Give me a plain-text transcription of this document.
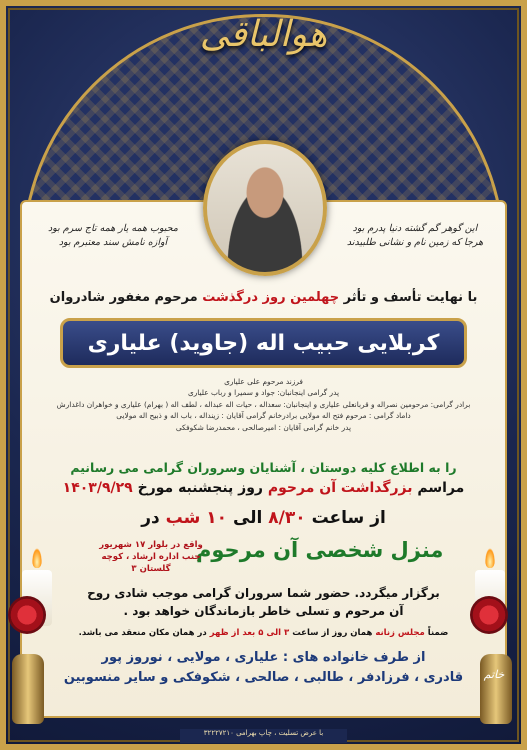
هوالباقی
این گوهر گم گشته دنیا پدرم بود
هرجا که زمین نام و نشانی طلبیدند
محبوب همه یار همه تاج سرم بود
آوازه نامش سند معتبرم بود
با نهایت تأسف و تأثر چهلمین روز درگذشت مرحوم مغفور شادروان
کربلایی حبیب اله (جاوید) علیاری
فرزند مرحوم علی علیاری
پدر گرامی اینجانبان: جواد و سمیرا و رباب علیاری
برادر گرامی: مرحومین نصراله و قربانعلی علیاری و اینجانبان: سعداله ، حیات اله عبداله ، لطف اله ( بهرام) علیاری و خواهران داغدارش
داماد گرامی : مرحوم فتح اله مولایی برادرخانم گرامی آقایان : زینداله ، باب اله و ذبیح اله مولایی
پدر خانم گرامی آقایان : امیرصالحی ، محمدرضا شکوفکی
را به اطلاع کلیه دوستان ، آشنایان وسروران گرامی می رسانیم
مراسم بزرگداشت آن مرحوم روز پنجشنبه مورخ ۱۴۰۳/۹/۲۹
از ساعت ۸/۳۰ الی ۱۰ شب در
منزل شخصی آن مرحوم
واقع در بلوار ۱۷ شهریور
جنب اداره ارشاد ، کوچه گلستان ۳
برگزار میگردد. حضور شما سروران گرامی موجب شادی روح
آن مرحوم و تسلی خاطر بازماندگان خواهد بود .
ضمناً مجلس زنانه همان روز از ساعت ۳ الی ۵ بعد از ظهر در همان مکان منعقد می باشد.
از طرف خانواده های : علیاری ، مولایی ، نوروز پور
قادری ، فرزادفر ، طالبی ، صالحی ، شکوفکی و سایر منسوبین	خاتم
با عرض تسلیت ، چاپ بهرامی ۳۲۲۲۷۲۱۰
